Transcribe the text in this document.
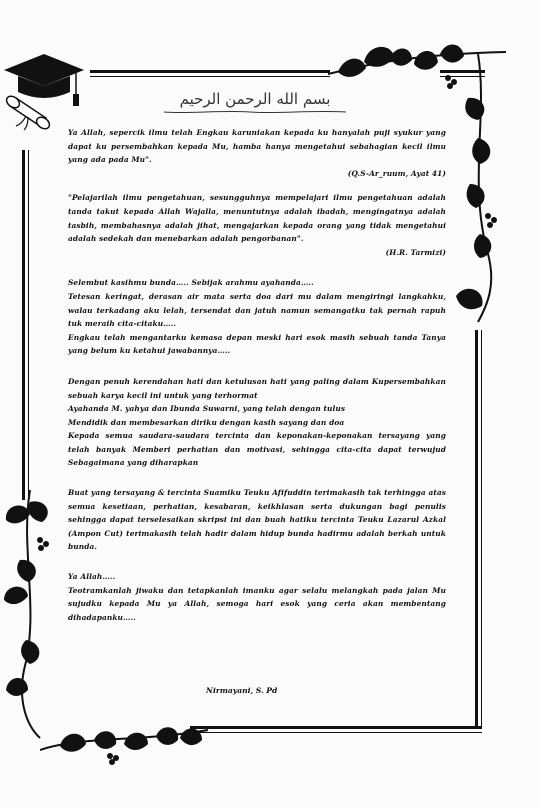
بسم الله الرحمن الرحيم

Ya Allah, sepercik ilmu telah Engkau karuniakan kepada ku hanyalah puji syukur yang dapat ku persembahkan kepada Mu, hamba hanya mengetahui sebahagian kecil ilmu yang ada pada Mu".

(Q.S-Ar_ruum, Ayat 41)

"Pelajarilah ilmu pengetahuan, sesungguhnya mempelajari ilmu pengetahuan adalah tanda takut kepada Allah Wajalla, menuntutnya adalah ibadah, mengingatnya adalah tasbih, membahasnya adalah jihat, mengajarkan kepada orang yang tidak mengetahui adalah sedekah dan menebarkan adalah pengorbanan".

(H.R. Tarmizi)

Selembut kasihmu bunda….. Sebijak arahmu ayahanda…..

Tetesan keringat, derasan air mata serta doa dari mu dalam mengiringi langkahku, walau terkadang aku lelah, tersendat dan jatuh namun semangatku tak pernah rapuh tuk meraih cita-citaku…..

Engkau telah mengantarku kemasa depan meski hari esok masih sebuah tanda Tanya yang belum ku ketahui jawabannya…..

Dengan penuh kerendahan hati dan ketulusan hati yang paling dalam Kupersembahkan sebuah karya kecil ini untuk yang terhormat

Ayahanda M. yahya dan Ibunda Suwarni, yang telah dengan tulus

Mendidik dan membesarkan diriku dengan kasih sayang dan doa

Kepada semua saudara-saudara tercinta dan keponakan-keponakan tersayang yang telah banyak Memberi perhatian dan motivasi, sehingga cita-cita dapat terwujud Sebagaimana yang diharapkan

Buat yang tersayang & tercinta Suamiku Teuku Afifuddin terimakasih tak terhingga atas semua kesetiaan, perhatian, kesabaran, keikhlasan serta dukungan bagi penulis sehingga dapat terselesaikan skripsi ini dan buah hatiku tercinta Teuku Lazarul Azkal (Ampon Cut) terimakasih telah hadir dalam hidup bunda hadirmu adalah berkah untuk bunda.

Ya Allah…..

Teotramkanlah jiwaku dan tetapkanlah imanku agar selalu melangkah pada jalan Mu sujudku kepada Mu ya Allah, semoga hari esok yang ceria akan membentang dihadapanku…..

Nirmayani, S. Pd
